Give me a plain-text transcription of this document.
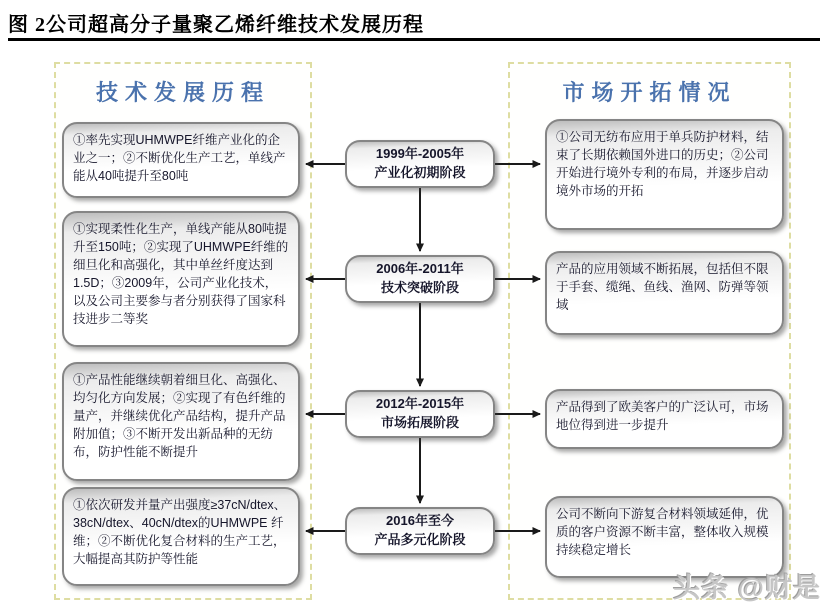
图 2公司超高分子量聚乙烯纤维技术发展历程
技术发展历程	市场开拓情况
①率先实现UHMWPE纤维产业化的企业之一；②不断优化生产工艺，单线产能从40吨提升至80吨
①实现柔性化生产，单线产能从80吨提升至150吨；②实现了UHMWPE纤维的细旦化和高强化，其中单丝纤度达到1.5D；③2009年，公司产业化技术，以及公司主要参与者分别获得了国家科技进步二等奖
①产品性能继续朝着细旦化、高强化、均匀化方向发展；②实现了有色纤维的量产，并继续优化产品结构，提升产品附加值；③不断开发出新品种的无纺布，防护性能不断提升
①依次研发并量产出强度≥37cN/dtex、38cN/dtex、40cN/dtex的UHMWPE 纤维；②不断优化复合材料的生产工艺，大幅提高其防护等性能
1999年-2005年
产业化初期阶段
2006年-2011年
技术突破阶段
2012年-2015年
市场拓展阶段
2016年至今
产品多元化阶段
①公司无纺布应用于单兵防护材料，结束了长期依赖国外进口的历史；②公司开始进行境外专利的布局，并逐步启动境外市场的开拓
产品的应用领域不断拓展，包括但不限于手套、缆绳、鱼线、渔网、防弹等领域
产品得到了欧美客户的广泛认可，市场地位得到进一步提升
公司不断向下游复合材料领域延伸，优质的客户资源不断丰富，整体收入规模持续稳定增长
头条 @财是
